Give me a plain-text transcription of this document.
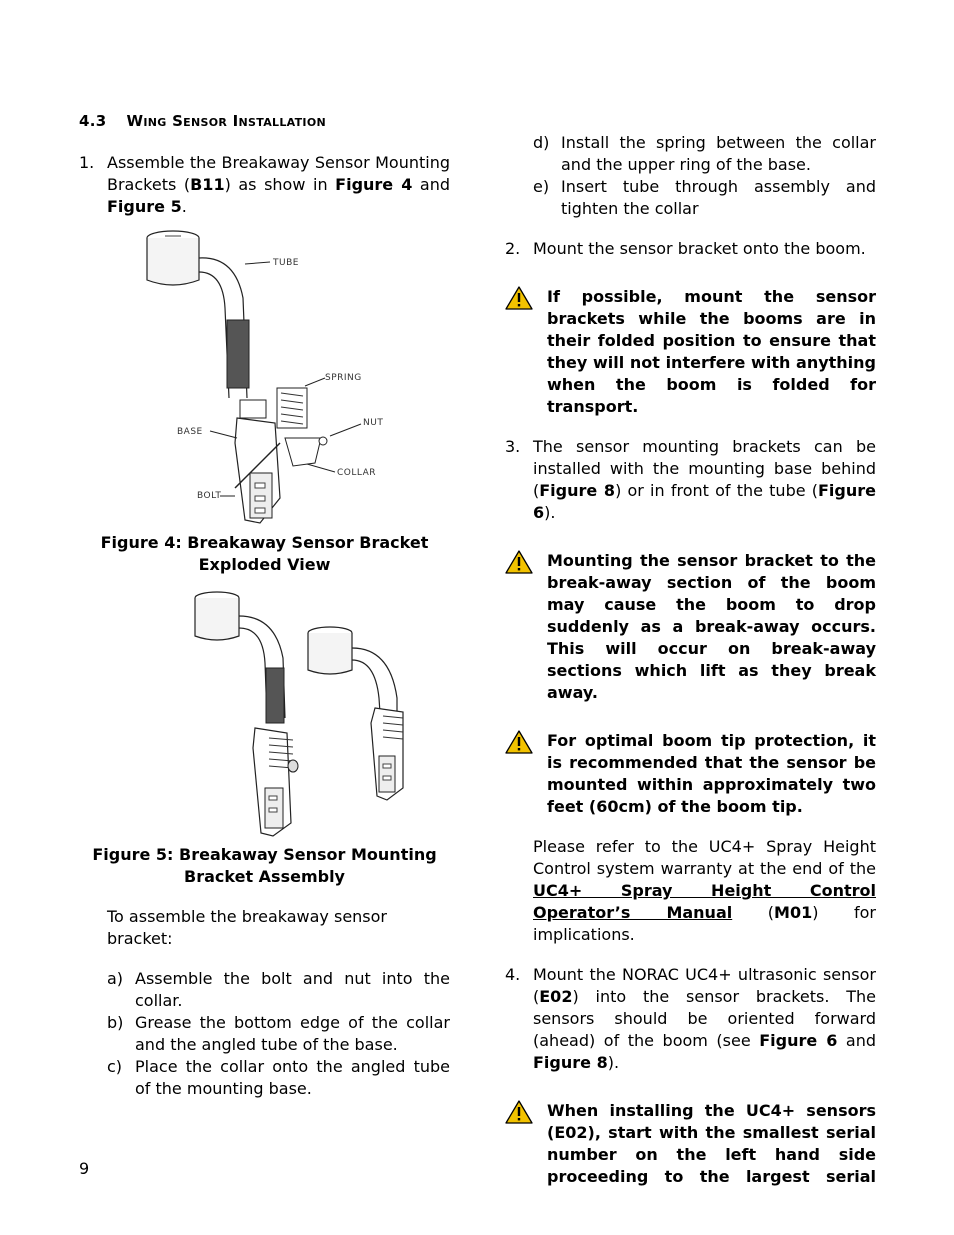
4.3 Wing Sensor Installation
1. Assemble the Breakaway Sensor Mounting Brackets (B11) as show in Figure 4 and Figure 5.
TUBE
SPRING
BASE
NUT
COLLAR
BOLT
Figure 4: Breakaway Sensor Bracket
Exploded View
Figure 5: Breakaway Sensor Mounting
Bracket Assembly
To assemble the breakaway sensor bracket:
a) Assemble the bolt and nut into the collar.
b) Grease the bottom edge of the collar and the angled tube of the base.
c) Place the collar onto the angled tube of the mounting base.
d) Install the spring between the collar and the upper ring of the base.
e) Insert tube through assembly and tighten the collar
2. Mount the sensor bracket onto the boom.
If possible, mount the sensor brackets while the booms are in their folded position to ensure that they will not interfere with anything when the boom is folded for transport.
3. The sensor mounting brackets can be installed with the mounting base behind (Figure 8) or in front of the tube (Figure 6).
Mounting the sensor bracket to the break-away section of the boom may cause the boom to drop suddenly as a break-away occurs. This will occur on break-away sections which lift as they break away.
For optimal boom tip protection, it is recommended that the sensor be mounted within approximately two feet (60cm) of the boom tip.
Please refer to the UC4+ Spray Height Control system warranty at the end of the UC4+ Spray Height Control Operator’s Manual (M01) for implications.
4. Mount the NORAC UC4+ ultrasonic sensor (E02) into the sensor brackets. The sensors should be oriented forward (ahead) of the boom (see Figure 6 and Figure 8).
When installing the UC4+ sensors (E02), start with the smallest serial number on the left hand side proceeding to the largest serial
9
